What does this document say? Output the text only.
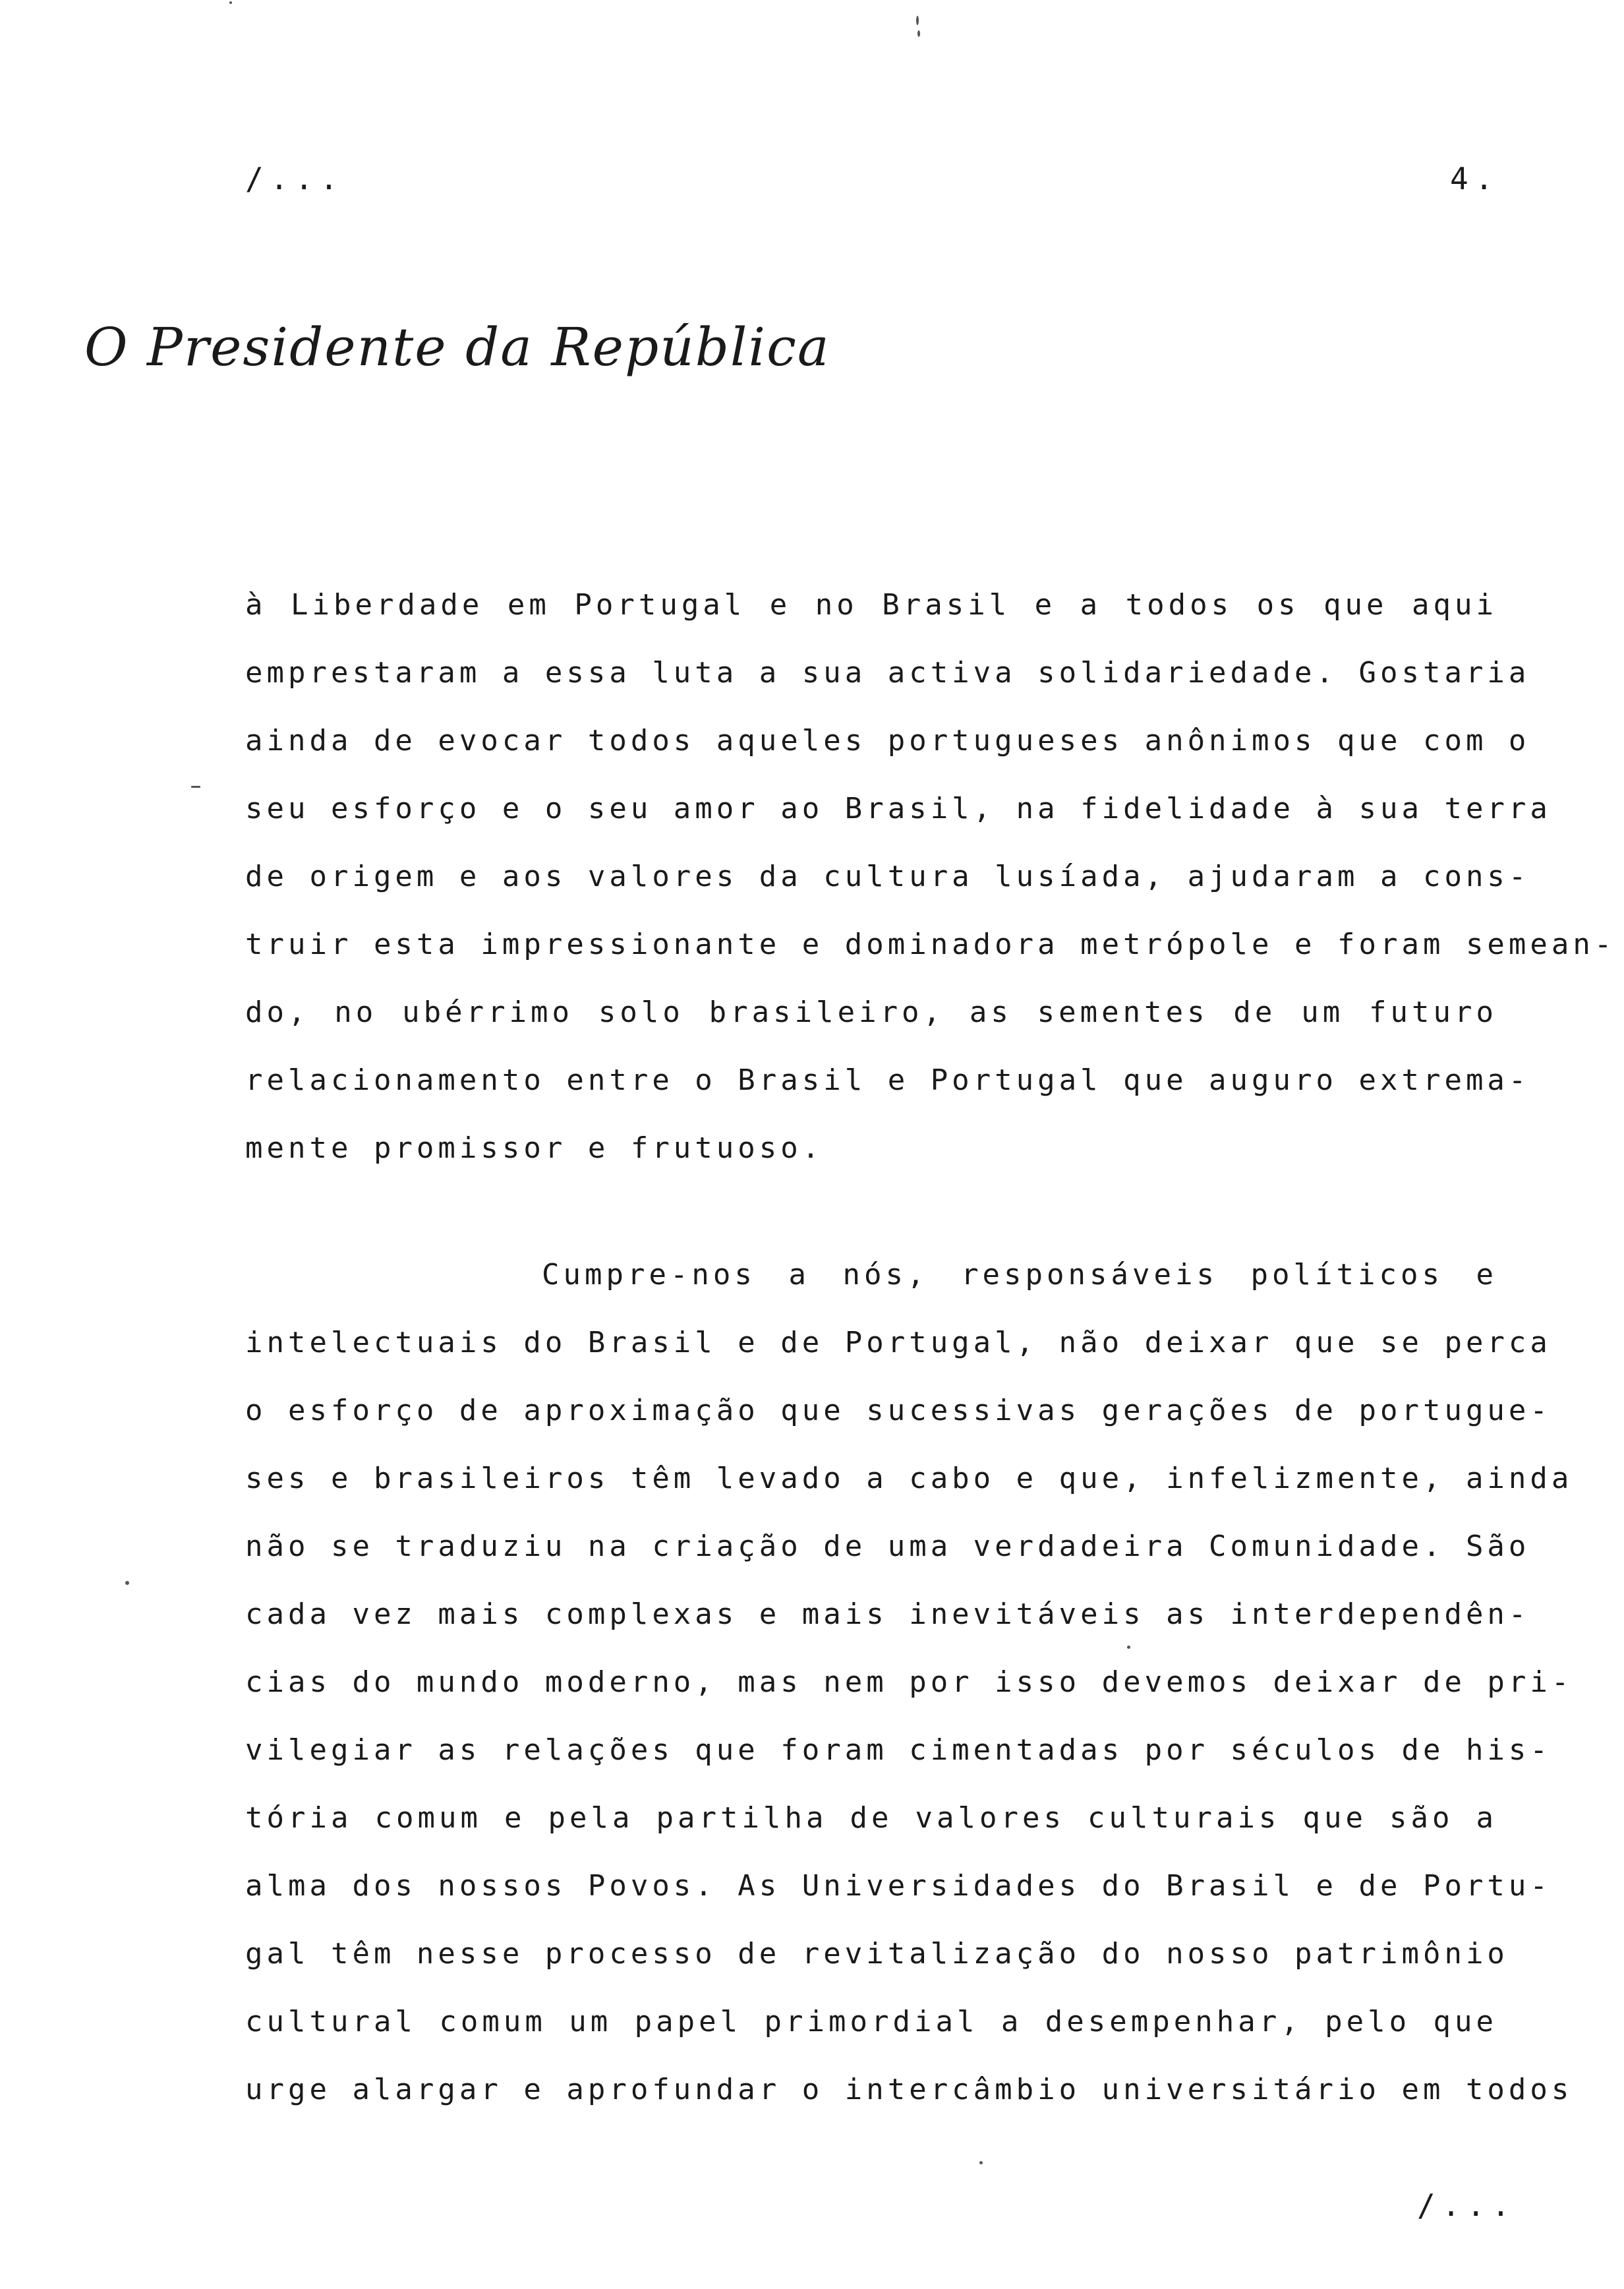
/...	4.
O Presidente da República
à Liberdade em Portugal e no Brasil e a todos os que aqui
emprestaram a essa luta a sua activa solidariedade. Gostaria
ainda de evocar todos aqueles portugueses anônimos que com o
seu esforço e o seu amor ao Brasil, na fidelidade à sua terra
de origem e aos valores da cultura lusíada, ajudaram a cons-
truir esta impressionante e dominadora metrópole e foram semean-
do, no ubérrimo solo brasileiro, as sementes de um futuro
relacionamento entre o Brasil e Portugal que auguro extrema-
mente promissor e frutuoso.
Cumpre-nos a nós, responsáveis políticos e
intelectuais do Brasil e de Portugal, não deixar que se perca
o esforço de aproximação que sucessivas gerações de portugue-
ses e brasileiros têm levado a cabo e que, infelizmente, ainda
não se traduziu na criação de uma verdadeira Comunidade. São
cada vez mais complexas e mais inevitáveis as interdependên-
cias do mundo moderno, mas nem por isso devemos deixar de pri-
vilegiar as relações que foram cimentadas por séculos de his-
tória comum e pela partilha de valores culturais que são a
alma dos nossos Povos. As Universidades do Brasil e de Portu-
gal têm nesse processo de revitalização do nosso patrimônio
cultural comum um papel primordial a desempenhar, pelo que
urge alargar e aprofundar o intercâmbio universitário em todos
/...
